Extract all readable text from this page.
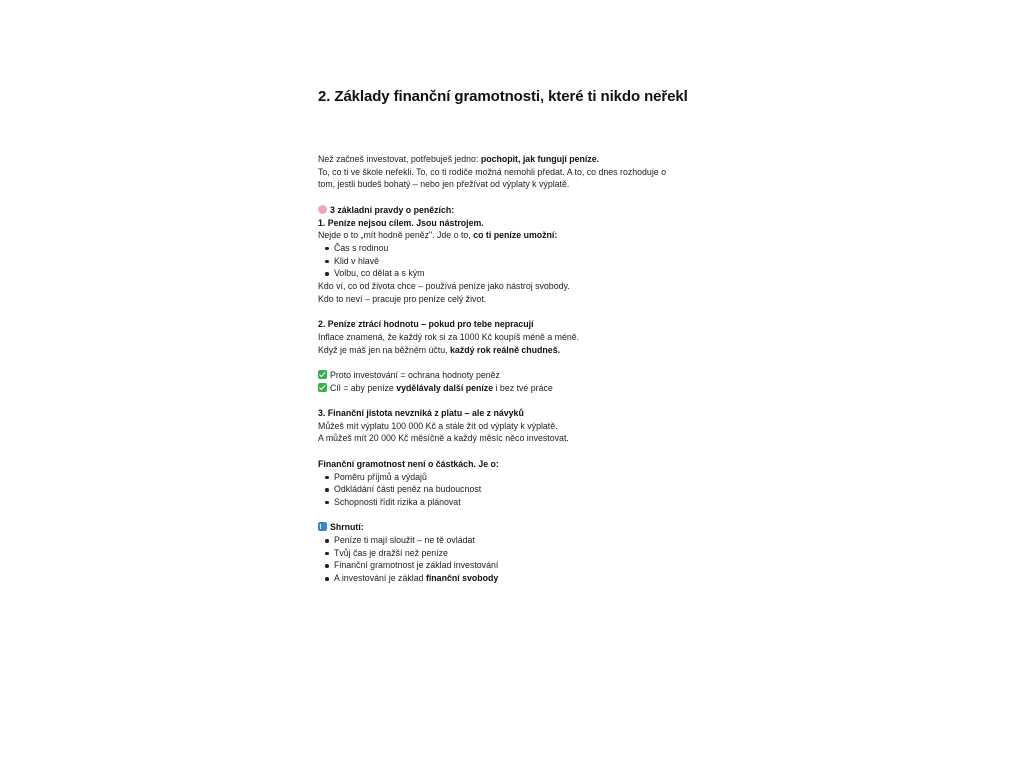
2. Základy finanční gramotnosti, které ti nikdo neřekl
Než začneš investovat, potřebuješ jedno: pochopit, jak fungují peníze.
To, co ti ve škole neřekli. To, co ti rodiče možná nemohli předat. A to, co dnes rozhoduje o
tom, jestli budeš bohatý – nebo jen přežívat od výplaty k výplatě.
3 základní pravdy o penězích:
1. Peníze nejsou cílem. Jsou nástrojem.
Nejde o to „mít hodně peněz". Jde o to, co ti peníze umožní:
Čas s rodinou
Klid v hlavě
Volbu, co dělat a s kým
Kdo ví, co od života chce – používá peníze jako nástroj svobody.
Kdo to neví – pracuje pro peníze celý život.
2. Peníze ztrácí hodnotu – pokud pro tebe nepracují
Inflace znamená, že každý rok si za 1000 Kč koupíš méně a méně.
Když je máš jen na běžném účtu, každý rok reálně chudneš.
Proto investování = ochrana hodnoty peněz
Cíl = aby peníze vydělávaly další peníze i bez tvé práce
3. Finanční jistota nevzniká z platu – ale z návyků
Můžeš mít výplatu 100 000 Kč a stále žít od výplaty k výplatě.
A můžeš mít 20 000 Kč měsíčně a každý měsíc něco investovat.
Finanční gramotnost není o částkách. Je o:
Poměru příjmů a výdajů
Odkládání části peněz na budoucnost
Schopnosti řídit rizika a plánovat
Shrnutí:
Peníze ti mají sloužit – ne tě ovládat
Tvůj čas je dražší než peníze
Finanční gramotnost je základ investování
A investování je základ finanční svobody
